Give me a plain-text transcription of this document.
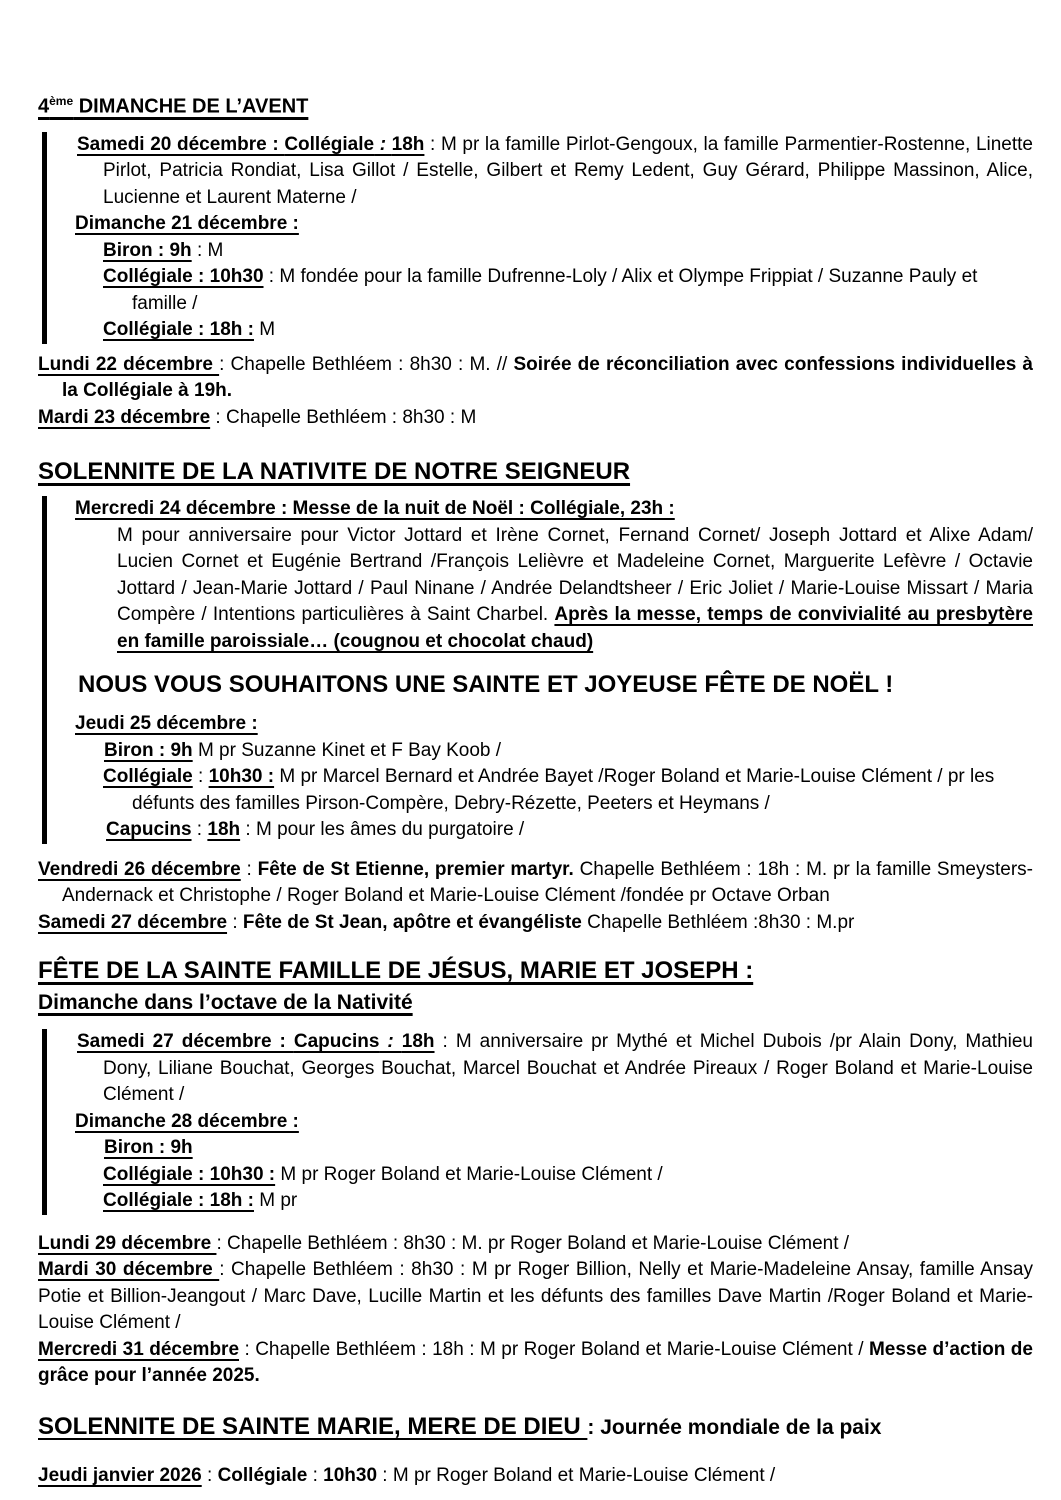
4ème DIMANCHE DE L’AVENT
Samedi 20 décembre : Collégiale : 18h : M pr la famille Pirlot-Gengoux, la famille Parmentier-Rostenne, Linette Pirlot, Patricia Rondiat, Lisa Gillot / Estelle, Gilbert et Remy Ledent, Guy Gérard, Philippe Massinon, Alice, Lucienne et Laurent Materne /
Dimanche 21 décembre :
Biron : 9h : M
Collégiale : 10h30 : M fondée pour la famille Dufrenne-Loly / Alix et Olympe Frippiat / Suzanne Pauly et famille /
Collégiale : 18h : M
Lundi 22 décembre : Chapelle Bethléem : 8h30 : M. // Soirée de réconciliation avec confessions individuelles à la Collégiale à 19h.
Mardi 23 décembre : Chapelle Bethléem : 8h30 : M
SOLENNITE DE LA NATIVITE DE NOTRE SEIGNEUR
Mercredi 24 décembre : Messe de la nuit de Noël : Collégiale, 23h :
M pour anniversaire pour Victor Jottard et Irène Cornet, Fernand Cornet/ Joseph Jottard et Alixe Adam/ Lucien Cornet et Eugénie Bertrand /François Lelièvre et Madeleine Cornet, Marguerite Lefèvre / Octavie Jottard / Jean-Marie Jottard / Paul Ninane / Andrée Delandtsheer / Eric Joliet / Marie-Louise Missart / Maria Compère / Intentions particulières à Saint Charbel. Après la messe, temps de convivialité au presbytère en famille paroissiale… (cougnou et chocolat chaud)
NOUS VOUS SOUHAITONS UNE SAINTE ET JOYEUSE FÊTE DE NOËL !
Jeudi 25 décembre :
Biron : 9h M pr Suzanne Kinet et F Bay Koob /
Collégiale : 10h30 : M pr Marcel Bernard et Andrée Bayet /Roger Boland et Marie-Louise Clément / pr les défunts des familles Pirson-Compère, Debry-Rézette, Peeters et Heymans /
Capucins : 18h : M pour les âmes du purgatoire /
Vendredi 26 décembre : Fête de St Etienne, premier martyr. Chapelle Bethléem : 18h : M. pr la famille Smeysters-Andernack et Christophe / Roger Boland et Marie-Louise Clément /fondée pr Octave Orban
Samedi 27 décembre : Fête de St Jean, apôtre et évangéliste Chapelle Bethléem :8h30 : M.pr
FÊTE DE LA SAINTE FAMILLE DE JÉSUS, MARIE ET JOSEPH :
Dimanche dans l’octave de la Nativité
Samedi 27 décembre : Capucins : 18h : M anniversaire pr Mythé et Michel Dubois /pr Alain Dony, Mathieu Dony, Liliane Bouchat, Georges Bouchat, Marcel Bouchat et Andrée Pireaux / Roger Boland et Marie-Louise Clément /
Dimanche 28 décembre :
Biron : 9h
Collégiale : 10h30 : M pr Roger Boland et Marie-Louise Clément /
Collégiale : 18h : M pr
Lundi 29 décembre : Chapelle Bethléem : 8h30 : M. pr Roger Boland et Marie-Louise Clément /
Mardi 30 décembre : Chapelle Bethléem : 8h30 : M pr Roger Billion, Nelly et Marie-Madeleine Ansay, famille Ansay Potie et Billion-Jeangout / Marc Dave, Lucille Martin et les défunts des familles Dave Martin /Roger Boland et Marie-Louise Clément /
Mercredi 31 décembre : Chapelle Bethléem : 18h : M pr Roger Boland et Marie-Louise Clément / Messe d’action de grâce pour l’année 2025.
SOLENNITE DE SAINTE MARIE, MERE DE DIEU : Journée mondiale de la paix
Jeudi janvier 2026 : Collégiale : 10h30 : M pr Roger Boland et Marie-Louise Clément /
